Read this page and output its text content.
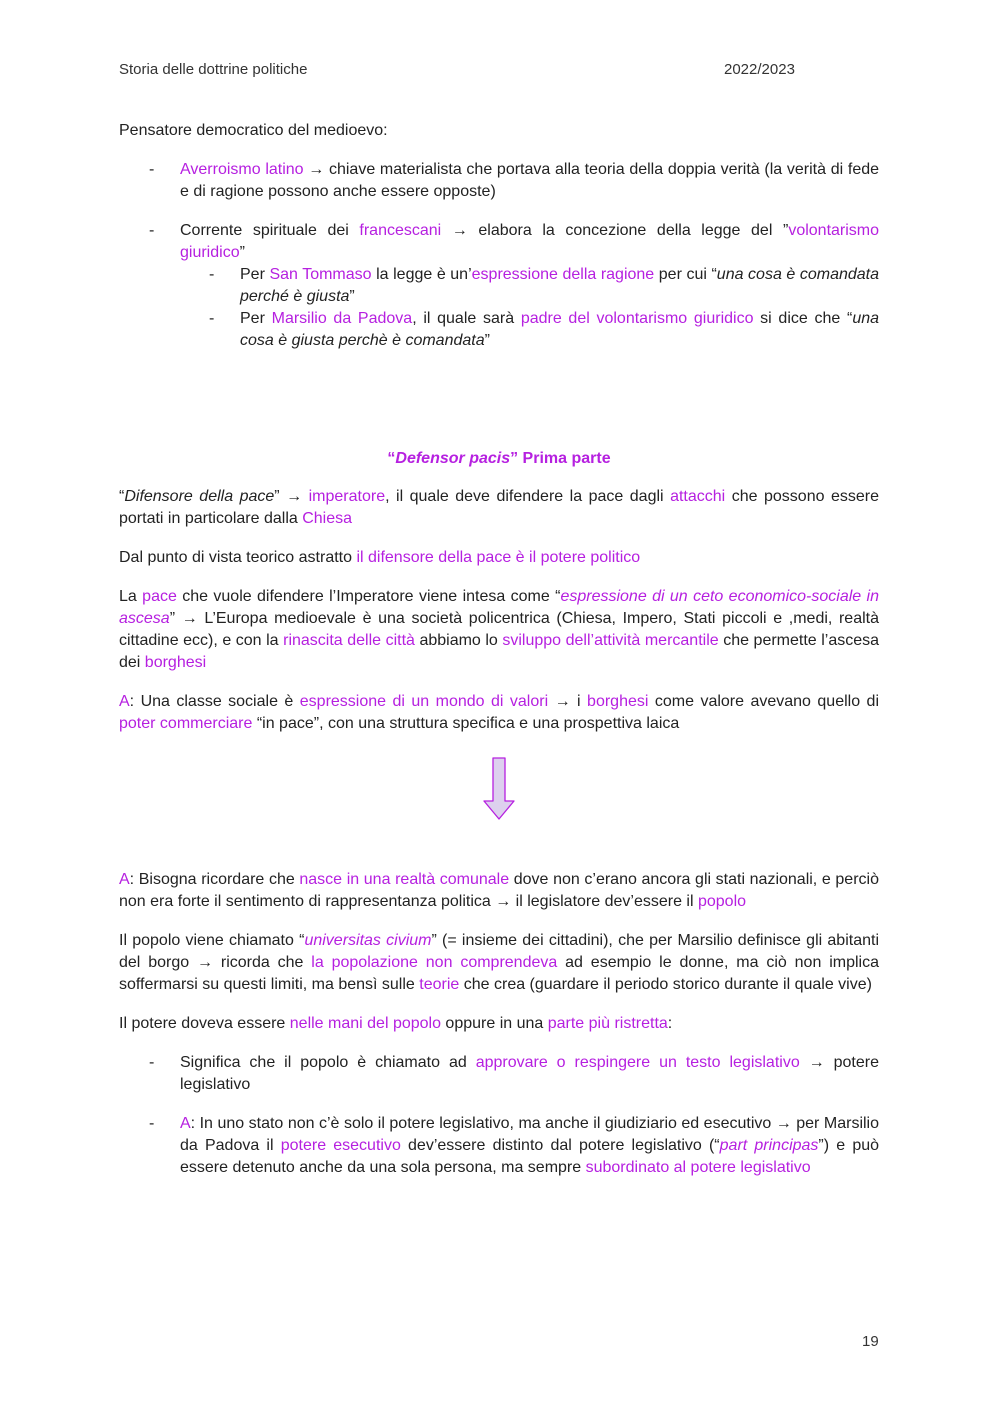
Storia delle dottrine politiche	2022/2023

Pensatore democratico del medioevo:

- Averroismo latino → chiave materialista che portava alla teoria della doppia verità (la verità di fede e di ragione possono anche essere opposte)
- Corrente spirituale dei francescani → elabora la concezione della legge del ”volontarismo giuridico”
- Per San Tommaso la legge è un’espressione della ragione per cui “una cosa è comandata perché è giusta”
- Per Marsilio da Padova, il quale sarà padre del volontarismo giuridico si dice che “una cosa è giusta perchè è comandata”

“Defensor pacis” Prima parte

“Difensore della pace” → imperatore, il quale deve difendere la pace dagli attacchi che possono essere portati in particolare dalla Chiesa

Dal punto di vista teorico astratto il difensore della pace è il potere politico

La pace che vuole difendere l’Imperatore viene intesa come “espressione di un ceto economico-sociale in ascesa” → L’Europa medioevale è una società policentrica (Chiesa, Impero, Stati piccoli e ,medi, realtà cittadine ecc), e con la rinascita delle città abbiamo lo sviluppo dell’attività mercantile che permette l’ascesa dei borghesi

A: Una classe sociale è espressione di un mondo di valori → i borghesi come valore avevano quello di poter commerciare “in pace”, con una struttura specifica e una prospettiva laica

A: Bisogna ricordare che nasce in una realtà comunale dove non c’erano ancora gli stati nazionali, e perciò non era forte il sentimento di rappresentanza politica → il legislatore dev’essere il popolo

Il popolo viene chiamato “universitas civium” (= insieme dei cittadini), che per Marsilio definisce gli abitanti del borgo → ricorda che la popolazione non comprendeva ad esempio le donne, ma ciò non implica soffermarsi su questi limiti, ma bensì sulle teorie che crea (guardare il periodo storico durante il quale vive)

Il potere doveva essere nelle mani del popolo oppure in una parte più ristretta:

- Significa che il popolo è chiamato ad approvare o respingere un testo legislativo → potere legislativo
- A: In uno stato non c’è solo il potere legislativo, ma anche il giudiziario ed esecutivo → per Marsilio da Padova il potere esecutivo dev’essere distinto dal potere legislativo (“part principas”) e può essere detenuto anche da una sola persona, ma sempre subordinato al potere legislativo
19
